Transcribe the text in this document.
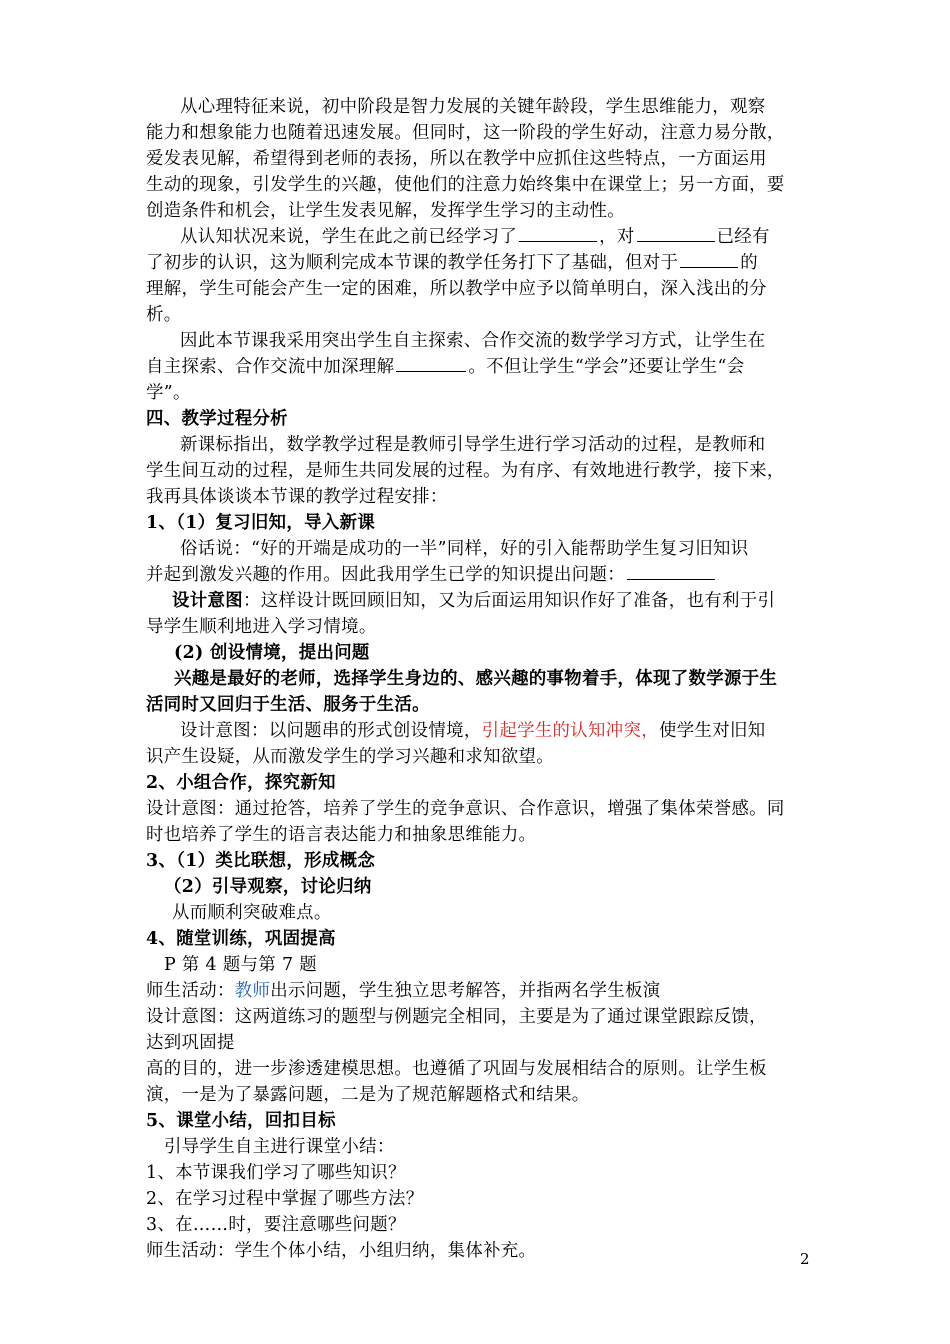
从心理特征来说，初中阶段是智力发展的关键年龄段，学生思维能力，观察
能力和想象能力也随着迅速发展。但同时，这一阶段的学生好动，注意力易分散，
爱发表见解，希望得到老师的表扬，所以在教学中应抓住这些特点，一方面运用
生动的现象，引发学生的兴趣，使他们的注意力始终集中在课堂上；另一方面，要
创造条件和机会，让学生发表见解，发挥学生学习的主动性。
从认知状况来说，学生在此之前已经学习了	，对	已经有
了初步的认识，这为顺利完成本节课的教学任务打下了基础，但对于	的
理解，学生可能会产生一定的困难，所以教学中应予以简单明白，深入浅出的分
析。
因此本节课我采用突出学生自主探索、合作交流的数学学习方式，让学生在
自主探索、合作交流中加深理解	。不但让学生“学会”还要让学生“会
学”。
四、教学过程分析
新课标指出，数学教学过程是教师引导学生进行学习活动的过程，是教师和
学生间互动的过程，是师生共同发展的过程。为有序、有效地进行教学，接下来，
我再具体谈谈本节课的教学过程安排：
1、（1）复习旧知，导入新课
俗话说：“好的开端是成功的一半”同样，好的引入能帮助学生复习旧知识
并起到激发兴趣的作用。因此我用学生已学的知识提出问题：
设计意图：这样设计既回顾旧知，又为后面运用知识作好了准备，也有利于引
导学生顺利地进入学习情境。
(2) 创设情境，提出问题
兴趣是最好的老师，选择学生身边的、感兴趣的事物着手，体现了数学源于生
活同时又回归于生活、服务于生活。
设计意图：以问题串的形式创设情境，引起学生的认知冲突，使学生对旧知
识产生设疑，从而激发学生的学习兴趣和求知欲望。
2、小组合作，探究新知
设计意图：通过抢答，培养了学生的竞争意识、合作意识，增强了集体荣誉感。同
时也培养了学生的语言表达能力和抽象思维能力。
3、（1）类比联想，形成概念
（2）引导观察，讨论归纳
从而顺利突破难点。
4、随堂训练，巩固提高
P 第 4 题与第 7 题
师生活动：教师出示问题，学生独立思考解答，并指两名学生板演
设计意图：这两道练习的题型与例题完全相同，主要是为了通过课堂跟踪反馈，
达到巩固提
高的目的，进一步渗透建模思想。也遵循了巩固与发展相结合的原则。让学生板
演，一是为了暴露问题，二是为了规范解题格式和结果。
5、课堂小结，回扣目标
引导学生自主进行课堂小结：
1、本节课我们学习了哪些知识？
2、在学习过程中掌握了哪些方法？
3、在……时，要注意哪些问题？
师生活动：学生个体小结，小组归纳，集体补充。	2
